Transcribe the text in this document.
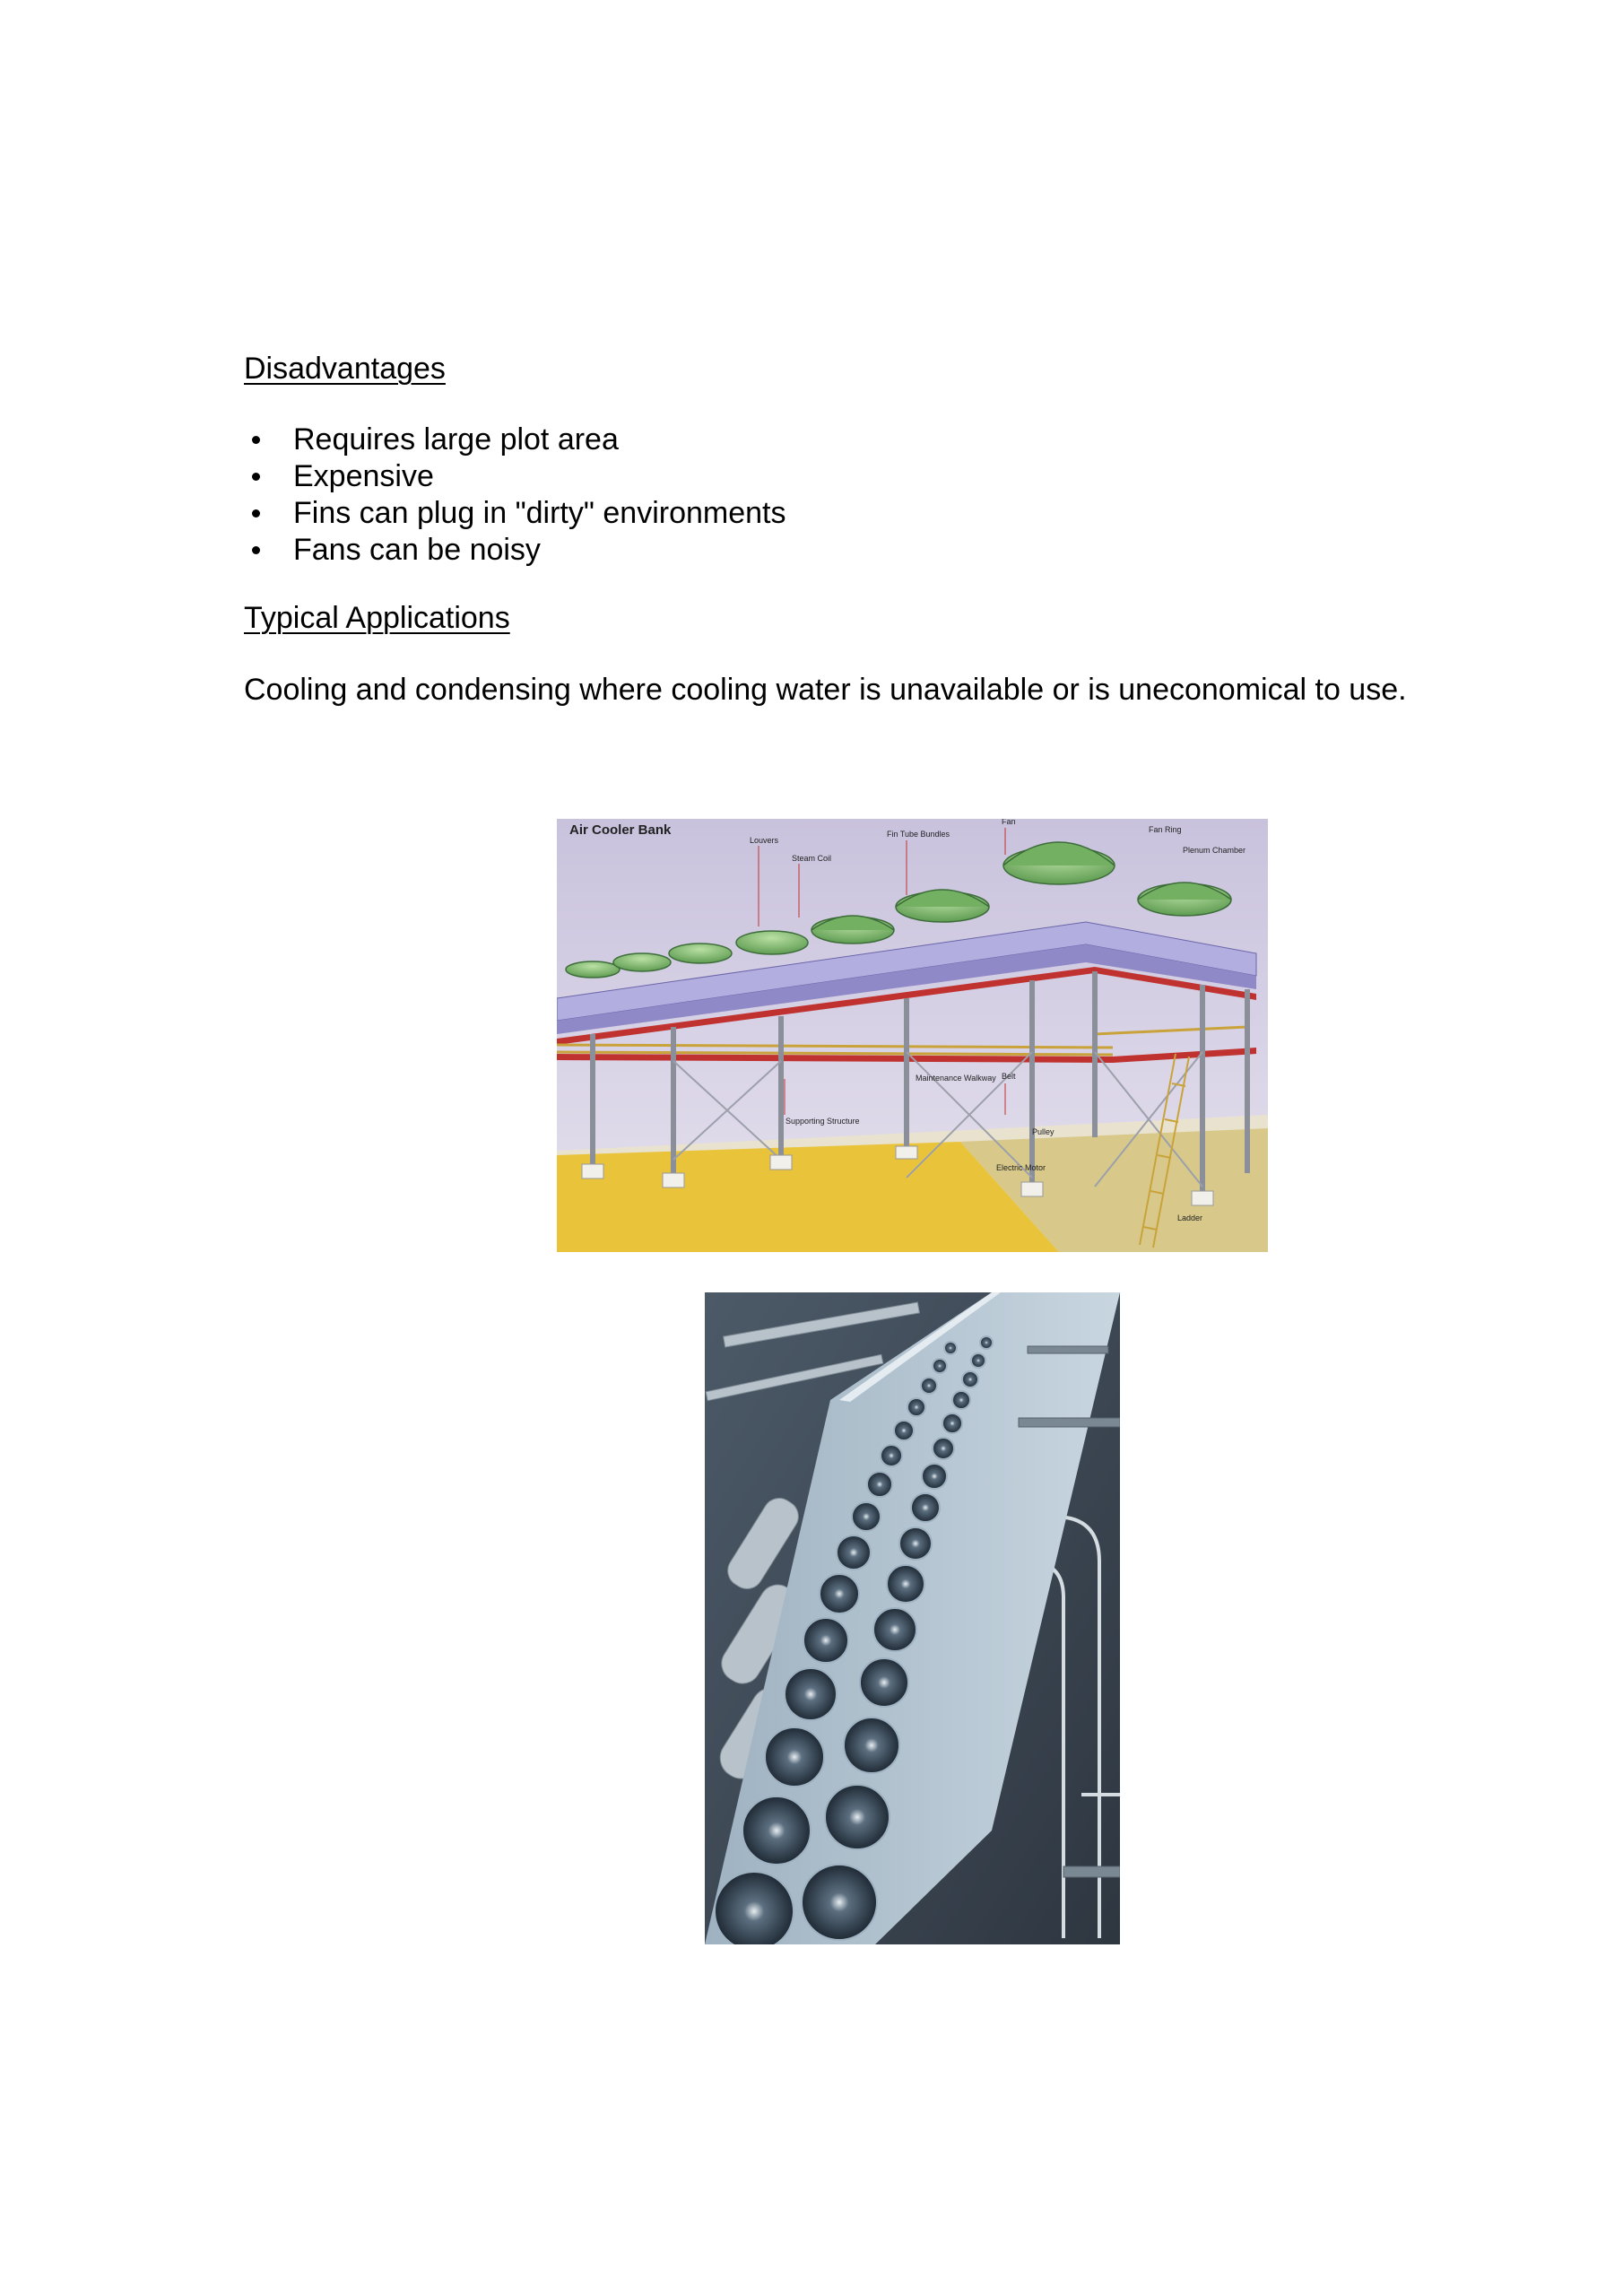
Disadvantages
Requires large plot area
Expensive
Fins can plug in "dirty" environments
Fans can be noisy
Typical Applications
Cooling and condensing where cooling water is unavailable or is uneconomical to use.
Air Cooler Bank
Louvers
Steam Coil
Fin Tube Bundles
Fan
Fan Ring
Plenum Chamber
Maintenance Walkway Belt
Supporting Structure
Pulley
Electric Motor
Ladder
